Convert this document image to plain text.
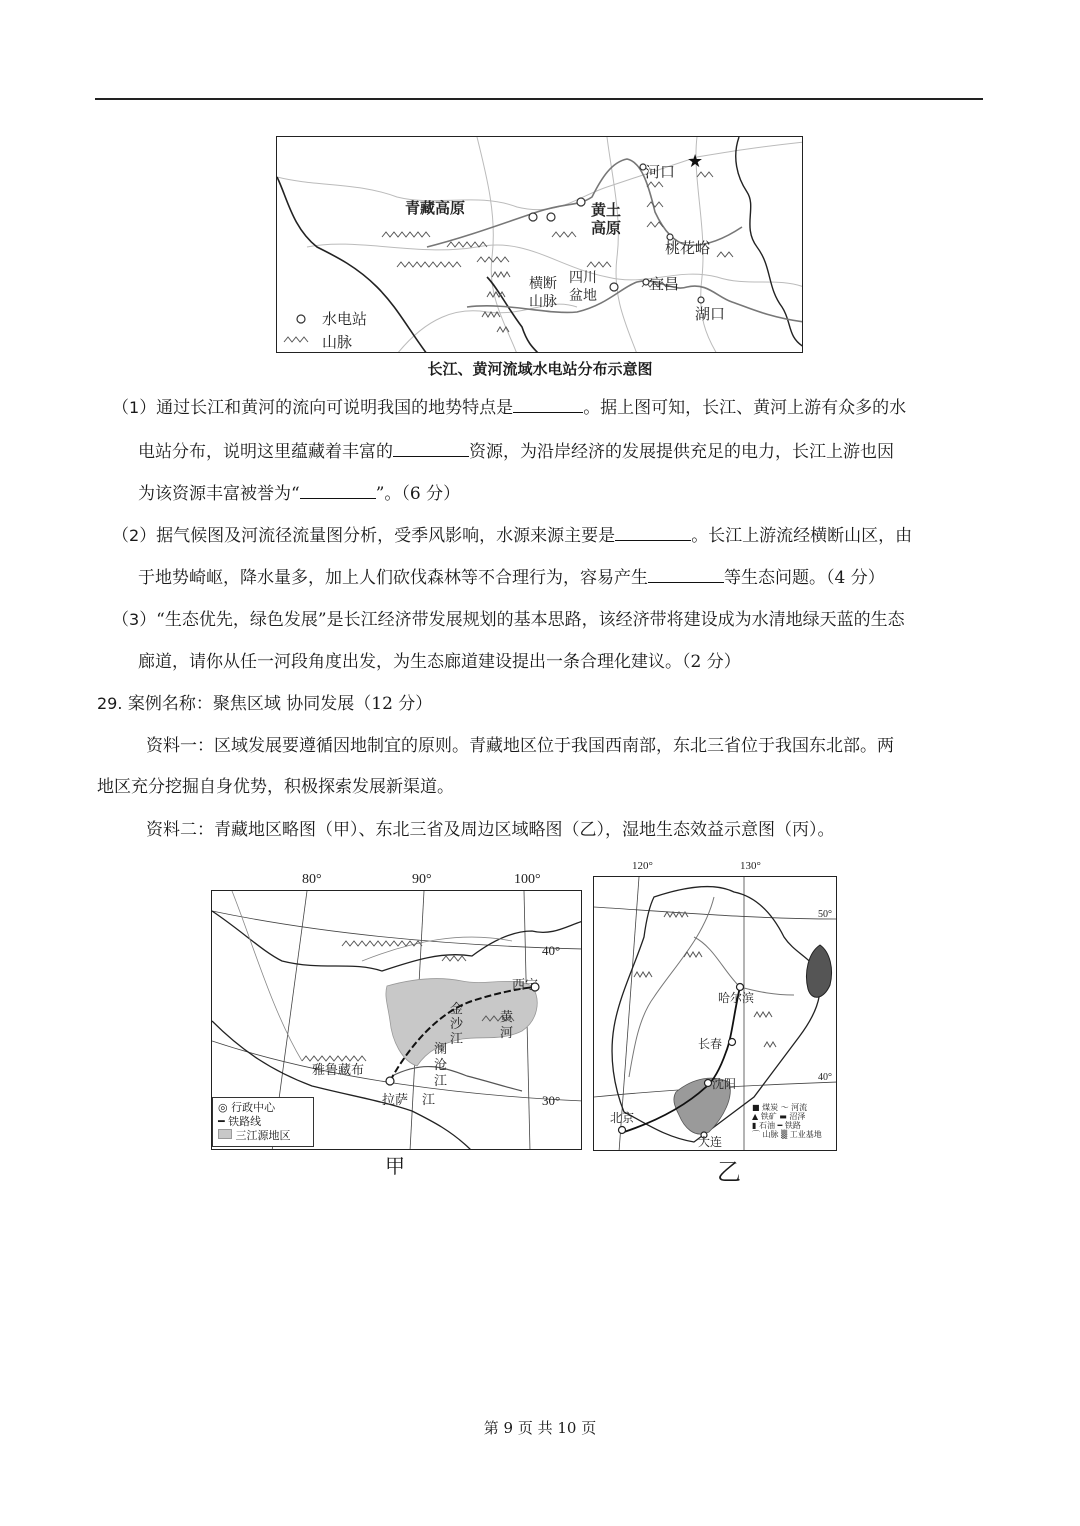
★
青藏高原	黄土
高原
河口
桃花峪
横断
山脉
四川
盆地
宜昌
湖口
水电站
山脉
长江、黄河流域水电站分布示意图
（1）通过长江和黄河的流向可说明我国的地势特点是	。据上图可知，长江、黄河上游有众多的水
电站分布，说明这里蕴藏着丰富的	资源，为沿岸经济的发展提供充足的电力，长江上游也因
为该资源丰富被誉为“	”。（6 分）
（2）据气候图及河流径流量图分析，受季风影响，水源来源主要是	。长江上游流经横断山区，由
于地势崎岖，降水量多，加上人们砍伐森林等不合理行为，容易产生	等生态问题。（4 分）
（3）“生态优先，绿色发展”是长江经济带发展规划的基本思路，该经济带将建设成为水清地绿天蓝的生态
廊道，请你从任一河段角度出发，为生态廊道建设提出一条合理化建议。（2 分）
29. 案例名称：聚焦区域 协同发展（12 分）
资料一：区域发展要遵循因地制宜的原则。青藏地区位于我国西南部，东北三省位于我国东北部。两
地区充分挖掘自身优势，积极探索发展新渠道。
资料二：青藏地区略图（甲）、东北三省及周边区域略图（乙），湿地生态效益示意图（丙）。
80°	90°	100°
西宁
金
沙
江
黄
河
澜
沧
江
雅鲁藏布
江
拉萨
40°
30°
◎ 行政中心
━ 铁路线
三江源地区
甲
120°	130°
哈尔滨
长春
沈阳
北京
大连
50°
40°
■ 煤炭 〜 河流
▲ 铁矿 ▬ 沼泽
▮ 石油 ━ 铁路
⌒ 山脉 ▒ 工业基地
乙
第 9 页 共 10 页
